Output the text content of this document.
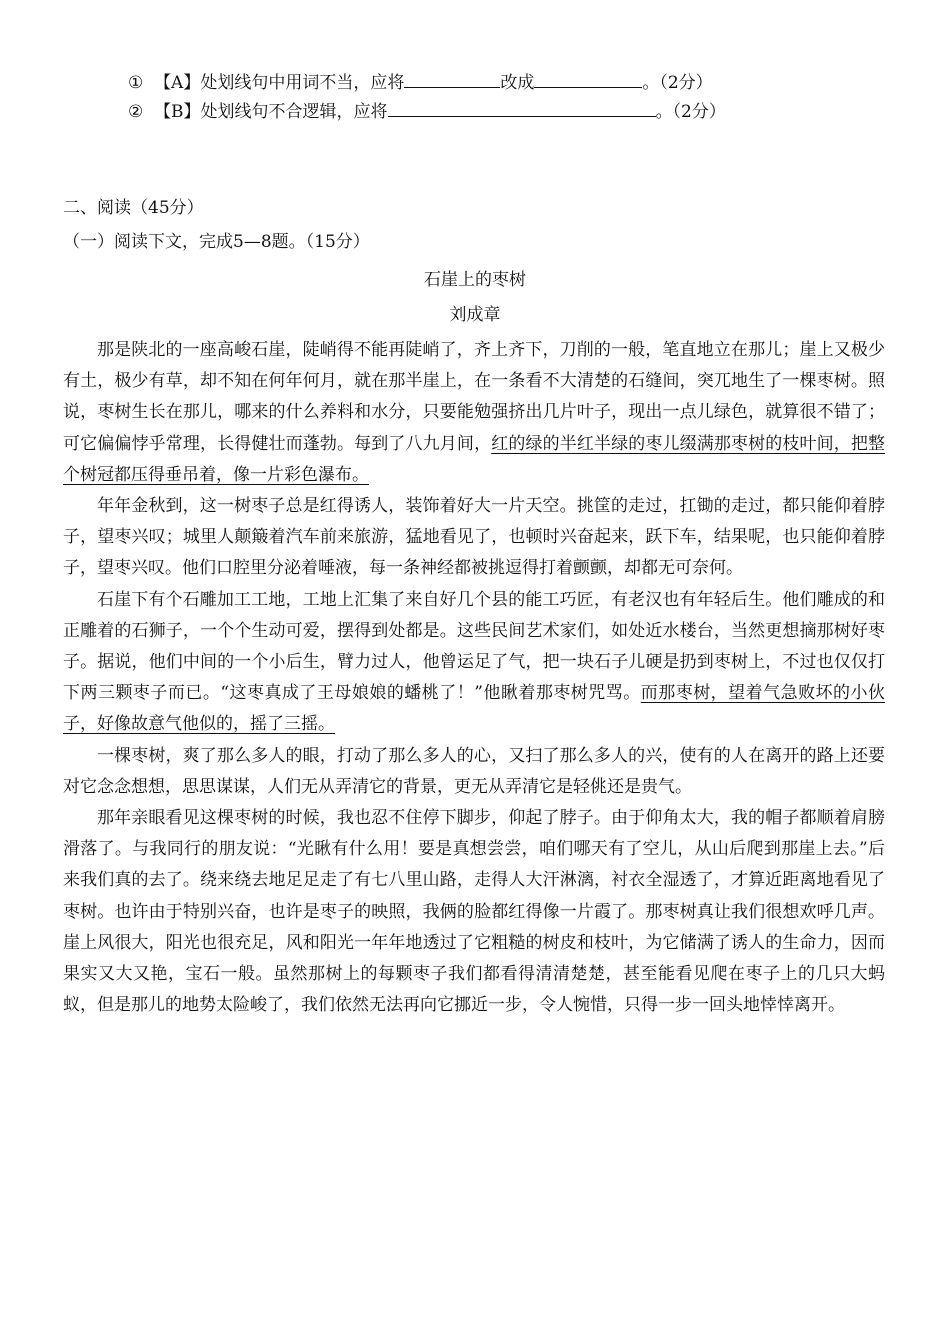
① 【A】处划线句中用词不当，应将	改成	。（2分）
② 【B】处划线句不合逻辑，应将	。（2分）
二、阅读（45分）
（一）阅读下文，完成5—8题。（15分）
石崖上的枣树
刘成章

那是陕北的一座高峻石崖，陡峭得不能再陡峭了，齐上齐下，刀削的一般，笔直地立在那儿；崖上又极少有土，极少有草，却不知在何年何月，就在那半崖上，在一条看不大清楚的石缝间，突兀地生了一棵枣树。照说，枣树生长在那儿，哪来的什么养料和水分，只要能勉强挤出几片叶子，现出一点儿绿色，就算很不错了；可它偏偏悖乎常理，长得健壮而蓬勃。每到了八九月间，红的绿的半红半绿的枣儿缀满那枣树的枝叶间，把整个树冠都压得垂吊着，像一片彩色瀑布。

年年金秋到，这一树枣子总是红得诱人，装饰着好大一片天空。挑筐的走过，扛锄的走过，都只能仰着脖子，望枣兴叹；城里人颠簸着汽车前来旅游，猛地看见了，也顿时兴奋起来，跃下车，结果呢，也只能仰着脖子，望枣兴叹。他们口腔里分泌着唾液，每一条神经都被挑逗得打着颤颤，却都无可奈何。

石崖下有个石雕加工工地，工地上汇集了来自好几个县的能工巧匠，有老汉也有年轻后生。他们雕成的和正雕着的石狮子，一个个生动可爱，摆得到处都是。这些民间艺术家们，如处近水楼台，当然更想摘那树好枣子。据说，他们中间的一个小后生，臂力过人，他曾运足了气，把一块石子儿硬是扔到枣树上，不过也仅仅打下两三颗枣子而已。“这枣真成了王母娘娘的蟠桃了！”他瞅着那枣树咒骂。而那枣树，望着气急败坏的小伙子，好像故意气他似的，摇了三摇。

一棵枣树，爽了那么多人的眼，打动了那么多人的心，又扫了那么多人的兴，使有的人在离开的路上还要对它念念想想，思思谋谋，人们无从弄清它的背景，更无从弄清它是轻佻还是贵气。

那年亲眼看见这棵枣树的时候，我也忍不住停下脚步，仰起了脖子。由于仰角太大，我的帽子都顺着肩膀滑落了。与我同行的朋友说：“光瞅有什么用！要是真想尝尝，咱们哪天有了空儿，从山后爬到那崖上去。”后来我们真的去了。绕来绕去地足足走了有七八里山路，走得人大汗淋漓，衬衣全湿透了，才算近距离地看见了枣树。也许由于特别兴奋，也许是枣子的映照，我俩的脸都红得像一片霞了。那枣树真让我们很想欢呼几声。崖上风很大，阳光也很充足，风和阳光一年年地透过了它粗糙的树皮和枝叶，为它储满了诱人的生命力，因而果实又大又艳，宝石一般。虽然那树上的每颗枣子我们都看得清清楚楚，甚至能看见爬在枣子上的几只大蚂蚁，但是那儿的地势太险峻了，我们依然无法再向它挪近一步，令人惋惜，只得一步一回头地悻悻离开。
